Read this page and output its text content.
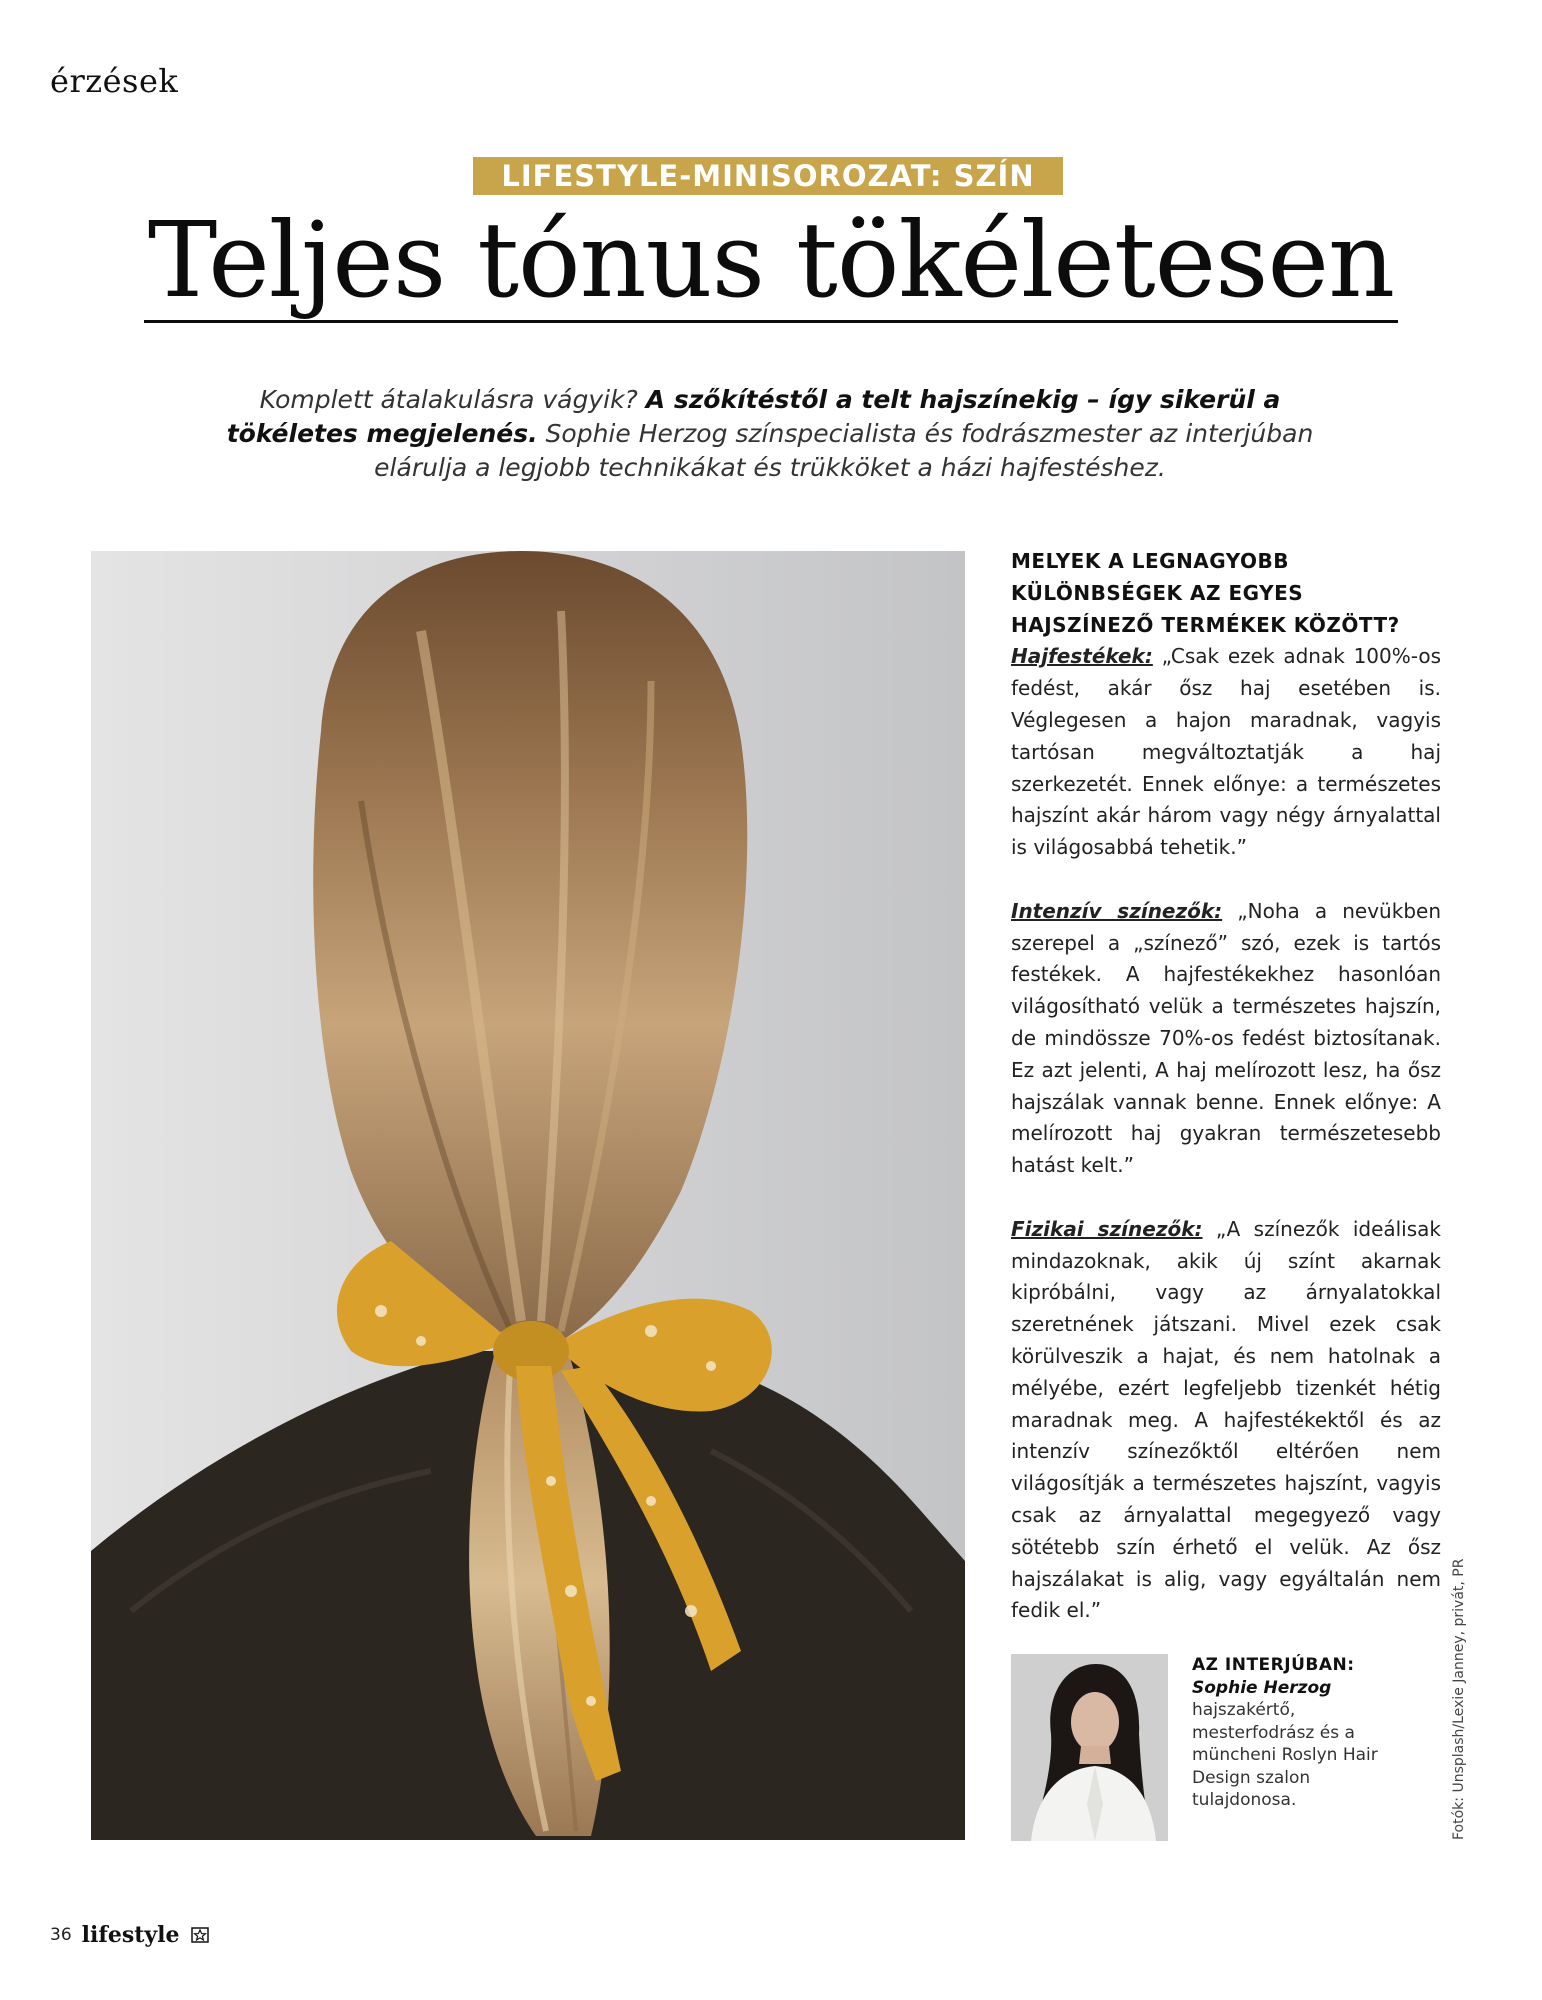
érzések
LIFESTYLE-MINISOROZAT: SZÍN
Teljes tónus tökéletesen
Komplett átalakulásra vágyik? A szőkítéstől a telt hajszínekig – így sikerül a tökéletes megjelenés. Sophie Herzog színspecialista és fodrászmester az interjúban elárulja a legjobb technikákat és trükköket a házi hajfestéshez.
MELYEK A LEGNAGYOBB KÜLÖNBSÉGEK AZ EGYES HAJSZÍNEZŐ TERMÉKEK KÖZÖTT?

Hajfestékek: „Csak ezek adnak 100%-os fedést, akár ősz haj esetében is. Véglegesen a hajon maradnak, vagyis tartósan megváltoztatják a haj szerkezetét. Ennek előnye: a természetes hajszínt akár három vagy négy árnyalattal is világosabbá tehetik.”

Intenzív színezők: „Noha a nevükben szerepel a „színező” szó, ezek is tartós festékek. A hajfestékekhez hasonlóan világosítható velük a természetes hajszín, de mindössze 70%-os fedést biztosítanak. Ez azt jelenti, A haj melírozott lesz, ha ősz hajszálak vannak benne. Ennek előnye: A melírozott haj gyakran természetesebb hatást kelt.”

Fizikai színezők: „A színezők ideálisak mindazoknak, akik új színt akarnak kipróbálni, vagy az árnyalatokkal szeretnének játszani. Mivel ezek csak körülveszik a hajat, és nem hatolnak a mélyébe, ezért legfeljebb tizenkét hétig maradnak meg. A hajfestékektől és az intenzív színezőktől eltérően nem világosítják a természetes hajszínt, vagyis csak az árnyalattal megegyező vagy sötétebb szín érhető el velük. Az ősz hajszálakat is alig, vagy egyáltalán nem fedik el.”

AZ INTERJÚBAN:
Sophie Herzog
hajszakértő, mesterfodrász és a müncheni Roslyn Hair Design szalon tulajdonosa.	Fotók: Unsplash/Lexie Janney, privát, PR
36 lifestyle
